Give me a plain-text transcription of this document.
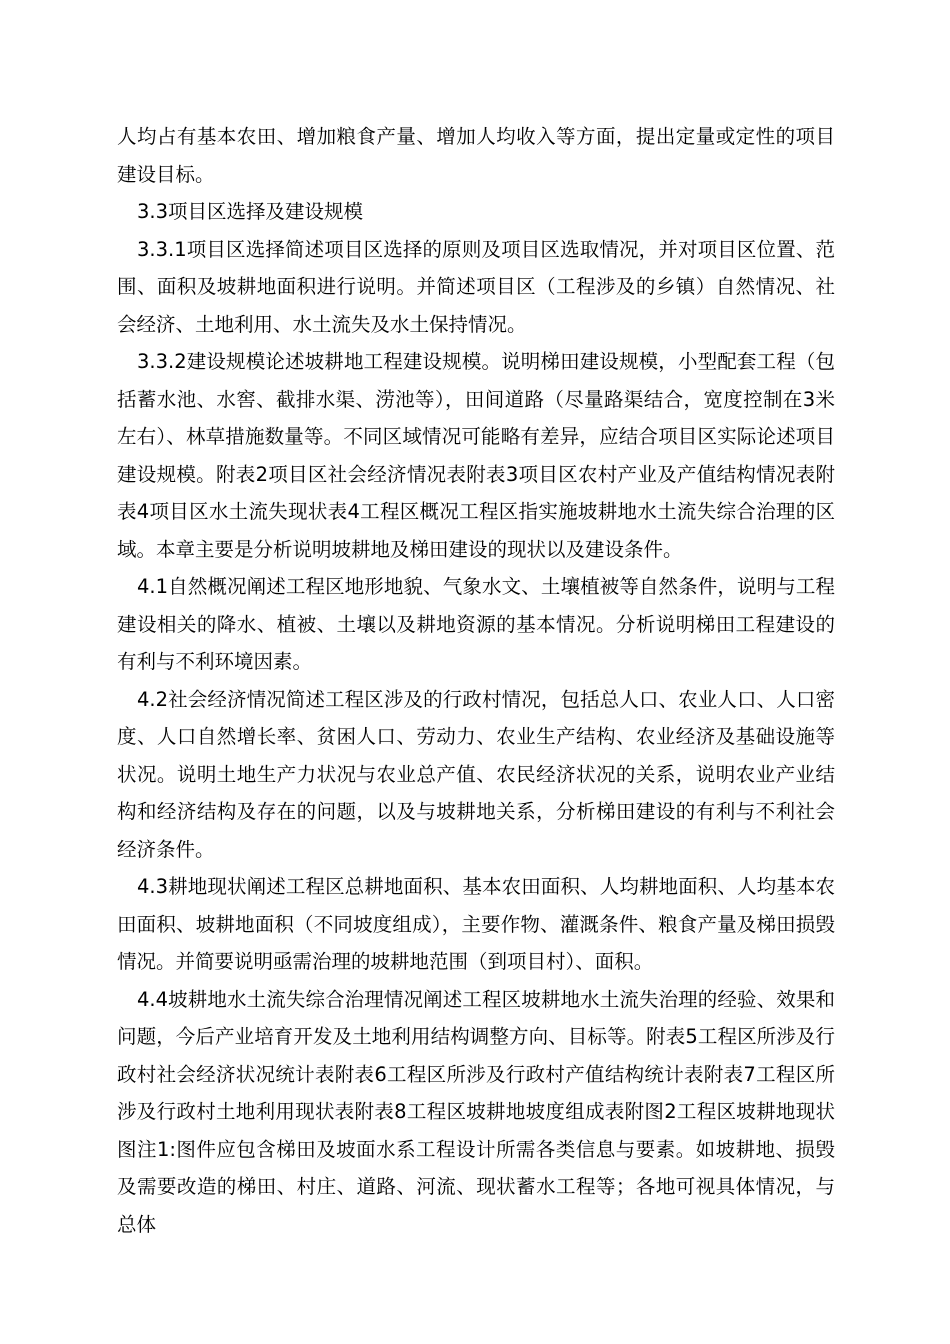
人均占有基本农田、增加粮食产量、增加人均收入等方面，提出定量或定性的项目建设目标。

3.3项目区选择及建设规模

3.3.1项目区选择简述项目区选择的原则及项目区选取情况，并对项目区位置、范围、面积及坡耕地面积进行说明。并简述项目区（工程涉及的乡镇）自然情况、社会经济、土地利用、水土流失及水土保持情况。

3.3.2建设规模论述坡耕地工程建设规模。说明梯田建设规模，小型配套工程（包括蓄水池、水窖、截排水渠、涝池等），田间道路（尽量路渠结合，宽度控制在3米左右）、林草措施数量等。不同区域情况可能略有差异，应结合项目区实际论述项目建设规模。附表2项目区社会经济情况表附表3项目区农村产业及产值结构情况表附表4项目区水土流失现状表4工程区概况工程区指实施坡耕地水土流失综合治理的区域。本章主要是分析说明坡耕地及梯田建设的现状以及建设条件。

4.1自然概况阐述工程区地形地貌、气象水文、土壤植被等自然条件，说明与工程建设相关的降水、植被、土壤以及耕地资源的基本情况。分析说明梯田工程建设的有利与不利环境因素。

4.2社会经济情况简述工程区涉及的行政村情况，包括总人口、农业人口、人口密度、人口自然增长率、贫困人口、劳动力、农业生产结构、农业经济及基础设施等状况。说明土地生产力状况与农业总产值、农民经济状况的关系，说明农业产业结构和经济结构及存在的问题，以及与坡耕地关系，分析梯田建设的有利与不利社会经济条件。

4.3耕地现状阐述工程区总耕地面积、基本农田面积、人均耕地面积、人均基本农田面积、坡耕地面积（不同坡度组成），主要作物、灌溉条件、粮食产量及梯田损毁情况。并简要说明亟需治理的坡耕地范围（到项目村）、面积。

4.4坡耕地水土流失综合治理情况阐述工程区坡耕地水土流失治理的经验、效果和问题，今后产业培育开发及土地利用结构调整方向、目标等。附表5工程区所涉及行政村社会经济状况统计表附表6工程区所涉及行政村产值结构统计表附表7工程区所涉及行政村土地利用现状表附表8工程区坡耕地坡度组成表附图2工程区坡耕地现状图注1:图件应包含梯田及坡面水系工程设计所需各类信息与要素。如坡耕地、损毁及需要改造的梯田、村庄、道路、河流、现状蓄水工程等；各地可视具体情况，与总体
